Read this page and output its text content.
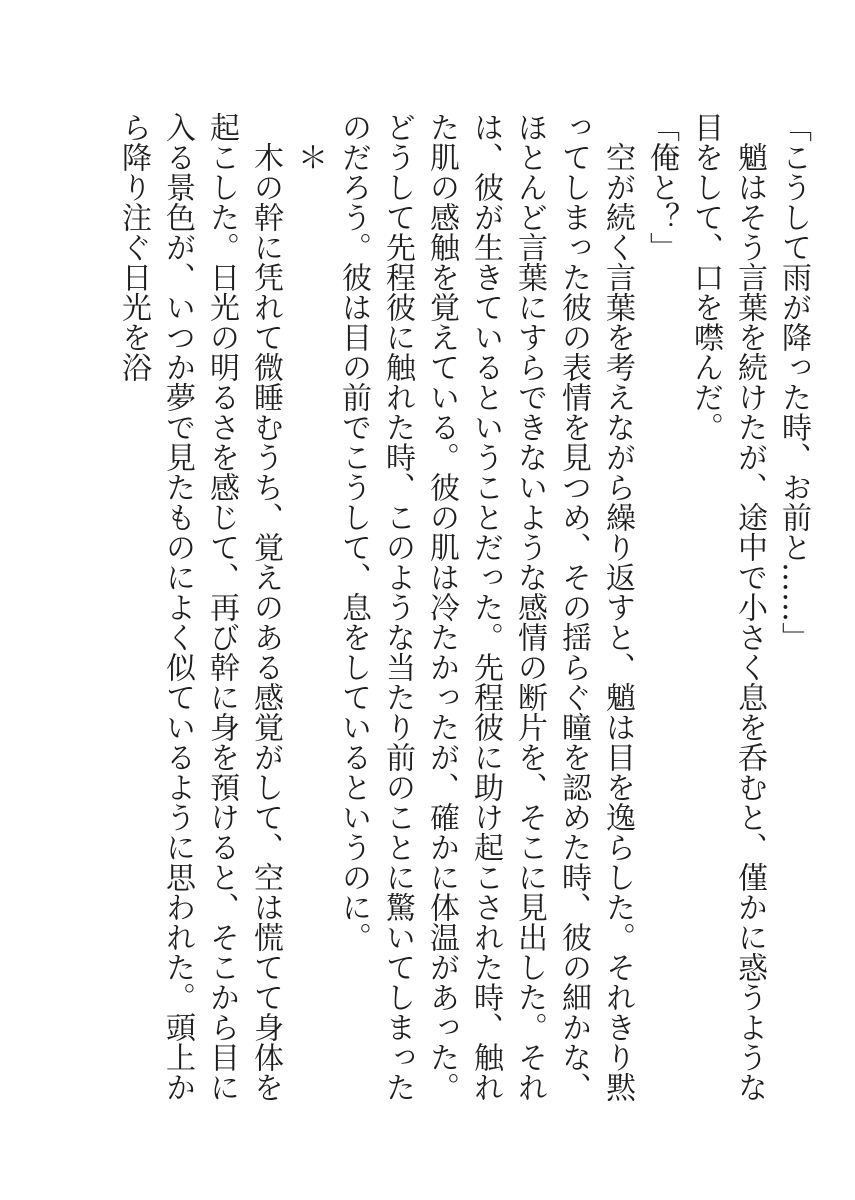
「こうして雨が降った時、お前と……」

　魈はそう言葉を続けたが、途中で小さく息を呑むと、僅かに惑うような目をして、口を噤んだ。

「俺と？」

　空が続く言葉を考えながら繰り返すと、魈は目を逸らした。それきり黙ってしまった彼の表情を見つめ、その揺らぐ瞳を認めた時、彼の細かな、ほとんど言葉にすらできないような感情の断片を、そこに見出した。それは、彼が生きているということだった。先程彼に助け起こされた時、触れた肌の感触を覚えている。彼の肌は冷たかったが、確かに体温があった。どうして先程彼に触れた時、このような当たり前のことに驚いてしまったのだろう。彼は目の前でこうして、息をしているというのに。

＊

　木の幹に凭れて微睡むうち、覚えのある感覚がして、空は慌てて身体を起こした。日光の明るさを感じて、再び幹に身を預けると、そこから目に入る景色が、いつか夢で見たものによく似ているように思われた。頭上から降り注ぐ日光を浴
